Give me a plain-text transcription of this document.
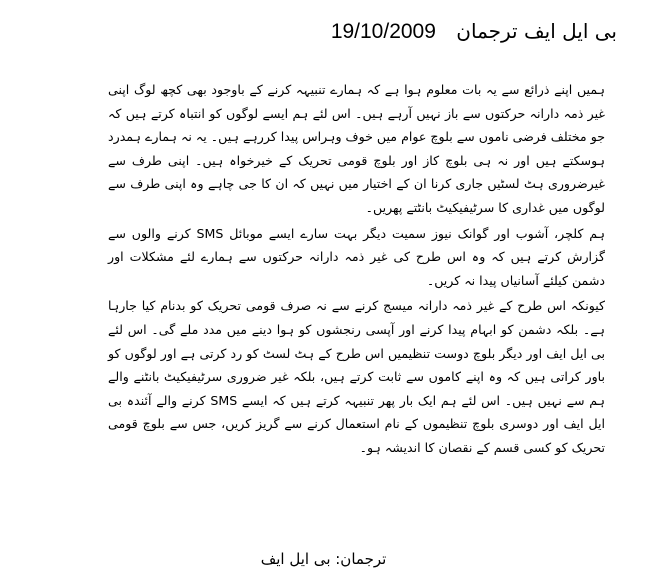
19/10/2009 بی ایل ایف ترجمان

ہمیں اپنے ذرائع سے یہ بات معلوم ہوا ہے کہ ہمارے تنبیہہ کرنے کے باوجود بھی کچھ لوگ اپنی غیر ذمہ دارانہ حرکتوں سے باز نہیں آرہے ہیں۔ اس لئے ہم ایسے لوگوں کو انتباہ کرتے ہیں کہ جو مختلف فرضی ناموں سے بلوچ عوام میں خوف وہراس پیدا کررہے ہیں۔ یہ نہ ہمارے ہمدرد ہوسکتے ہیں اور نہ ہی بلوچ کاز اور بلوچ قومی تحریک کے خیرخواہ ہیں۔ اپنی طرف سے غیرضروری ہٹ لسٹیں جاری کرنا ان کے اختیار میں نہیں کہ ان کا جی چاہے وہ اپنی طرف سے لوگوں میں غداری کا سرٹیفیکیٹ بانٹتے پھریں۔

ہم کلچر، آشوب اور گوانک نیوز سمیت دیگر بہت سارے ایسے موبائل SMS کرنے والوں سے گزارش کرتے ہیں کہ وہ اس طرح کی غیر ذمہ دارانہ حرکتوں سے ہمارے لئے مشکلات اور دشمن کیلئے آسانیاں پیدا نہ کریں۔

کیونکہ اس طرح کے غیر ذمہ دارانہ میسج کرنے سے نہ صرف قومی تحریک کو بدنام کیا جارہا ہے۔ بلکہ دشمن کو ابہام پیدا کرنے اور آپسی رنجشوں کو ہوا دینے میں مدد ملے گی۔ اس لئے بی ایل ایف اور دیگر بلوچ دوست تنظیمیں اس طرح کے ہٹ لسٹ کو رد کرتی ہے اور لوگوں کو باور کراتی ہیں کہ وہ اپنے کاموں سے ثابت کرتے ہیں، بلکہ غیر ضروری سرٹیفیکیٹ بانٹنے والے ہم سے نہیں ہیں۔ اس لئے ہم ایک بار پھر تنبیہہ کرتے ہیں کہ ایسے SMS کرنے والے آئندہ بی ایل ایف اور دوسری بلوچ تنظیموں کے نام استعمال کرنے سے گریز کریں، جس سے بلوچ قومی تحریک کو کسی قسم کے نقصان کا اندیشہ ہو۔

ترجمان: بی ایل ایف
